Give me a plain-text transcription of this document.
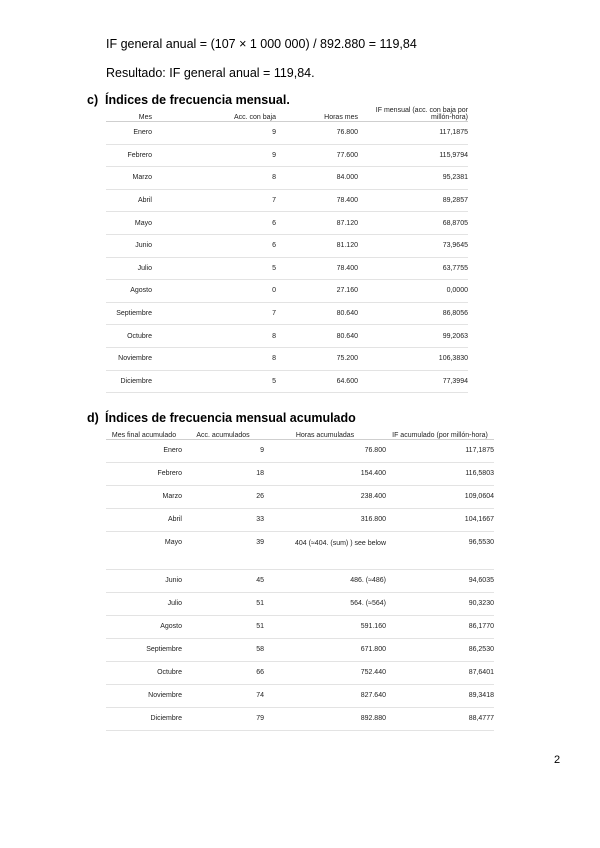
IF general anual = (107 × 1 000 000) / 892.880 = 119,84
Resultado: IF general anual = 119,84.
c) Índices de frecuencia mensual.
Mes	Acc. con baja	Horas mes	IF mensual (acc. con baja por millón-hora)
Enero	9	76.800	117,1875
Febrero	9	77.600	115,9794
Marzo	8	84.000	95,2381
Abril	7	78.400	89,2857
Mayo	6	87.120	68,8705
Junio	6	81.120	73,9645
Julio	5	78.400	63,7755
Agosto	0	27.160	0,0000
Septiembre	7	80.640	86,8056
Octubre	8	80.640	99,2063
Noviembre	8	75.200	106,3830
Diciembre	5	64.600	77,3994
d) Índices de frecuencia mensual acumulado
Mes final acumulado	Acc. acumulados	Horas acumuladas	IF acumulado (por millón-hora)
Enero	9	76.800	117,1875
Febrero	18	154.400	116,5803
Marzo	26	238.400	109,0604
Abril	33	316.800	104,1667
Mayo	39	404 (≈404. (sum) ) see below	96,5530
Junio	45	486. (≈486)	94,6035
Julio	51	564. (≈564)	90,3230
Agosto	51	591.160	86,1770
Septiembre	58	671.800	86,2530
Octubre	66	752.440	87,6401
Noviembre	74	827.640	89,3418
Diciembre	79	892.880	88,4777
2
